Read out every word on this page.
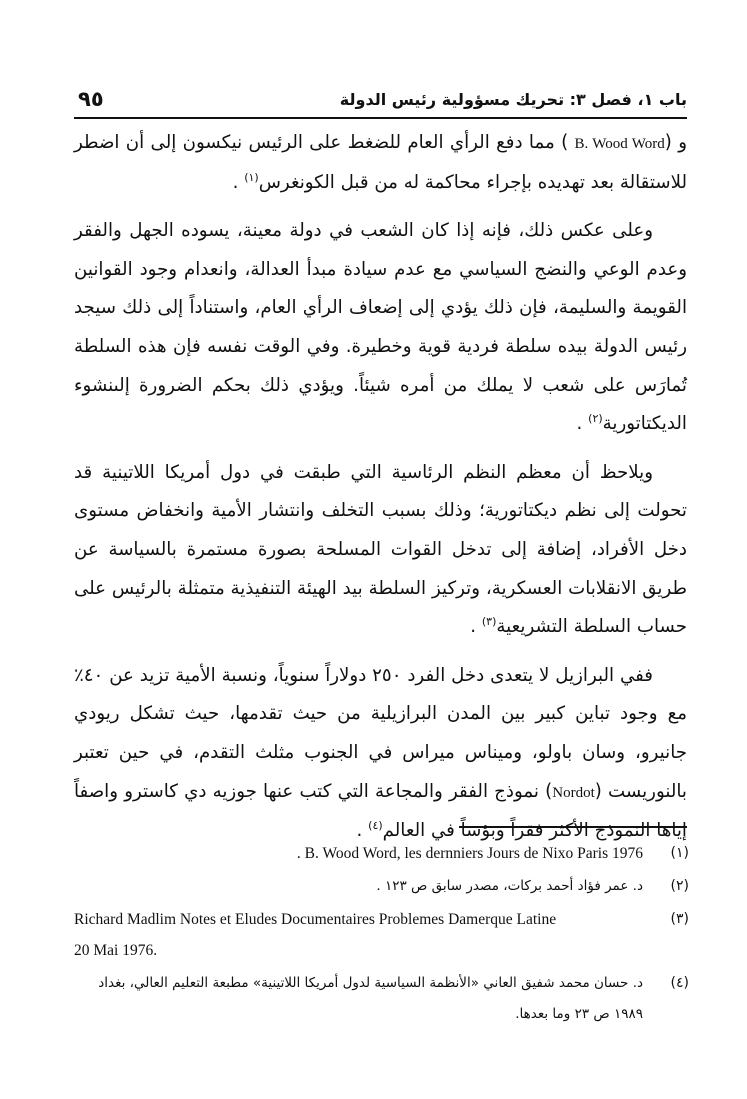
٩٥	باب ١، فصل ٣: تحريك مسؤولية رئيس الدولة

و (B. Wood Word ) مما دفع الرأي العام للضغط على الرئيس نيكسون إلى أن اضطر للاستقالة بعد تهديده بإجراء محاكمة له من قبل الكونغرس$^{(١)}$ .

وعلى عكس ذلك، فإنه إذا كان الشعب في دولة معينة، يسوده الجهل والفقر وعدم الوعي والنضج السياسي مع عدم سيادة مبدأ العدالة، وانعدام وجود القوانين القويمة والسليمة، فإن ذلك يؤدي إلى إضعاف الرأي العام، واستناداً إلى ذلك سيجد رئيس الدولة بيده سلطة فردية قوية وخطيرة. وفي الوقت نفسه فإن هذه السلطة تُمارَس على شعب لا يملك من أمره شيئاً. ويؤدي ذلك بحكم الضرورة إلىنشوء الديكتاتورية$^{(٢)}$ .

ويلاحظ أن معظم النظم الرئاسية التي طبقت في دول أمريكا اللاتينية قد تحولت إلى نظم ديكتاتورية؛ وذلك بسبب التخلف وانتشار الأمية وانخفاض مستوى دخل الأفراد، إضافة إلى تدخل القوات المسلحة بصورة مستمرة بالسياسة عن طريق الانقلابات العسكرية، وتركيز السلطة بيد الهيئة التنفيذية متمثلة بالرئيس على حساب السلطة التشريعية$^{(٣)}$ .

ففي البرازيل لا يتعدى دخل الفرد ٢٥٠ دولاراً سنوياً، ونسبة الأمية تزيد عن ٤٠٪ مع وجود تباين كبير بين المدن البرازيلية من حيث تقدمها، حيث تشكل ريودي جانيرو، وسان باولو، ومیناس میراس في الجنوب مثلث التقدم، في حين تعتبر بالنوريست (Nordot) نموذج الفقر والمجاعة التي كتب عنها جوزيه دي كاسترو واصفاً إياها النموذج الأكثر فقراً وبؤساً في العالم$^{(٤)}$ .

(١)
. B. Wood Word, les dernniers Jours de Nixo Paris 1976
(٢)
د. عمر فؤاد أحمد بركات، مصدر سابق ص ١٢٣ .
(٣)
Richard Madlim Notes et Eludes Documentaires Problemes Damerque Latine
20 Mai 1976.
(٤)
د. حسان محمد شفيق العاني «الأنظمة السياسية لدول أمريكا اللاتينية» مطبعة التعليم العالي، بغداد ١٩٨٩ ص ٢٣ وما بعدها.
